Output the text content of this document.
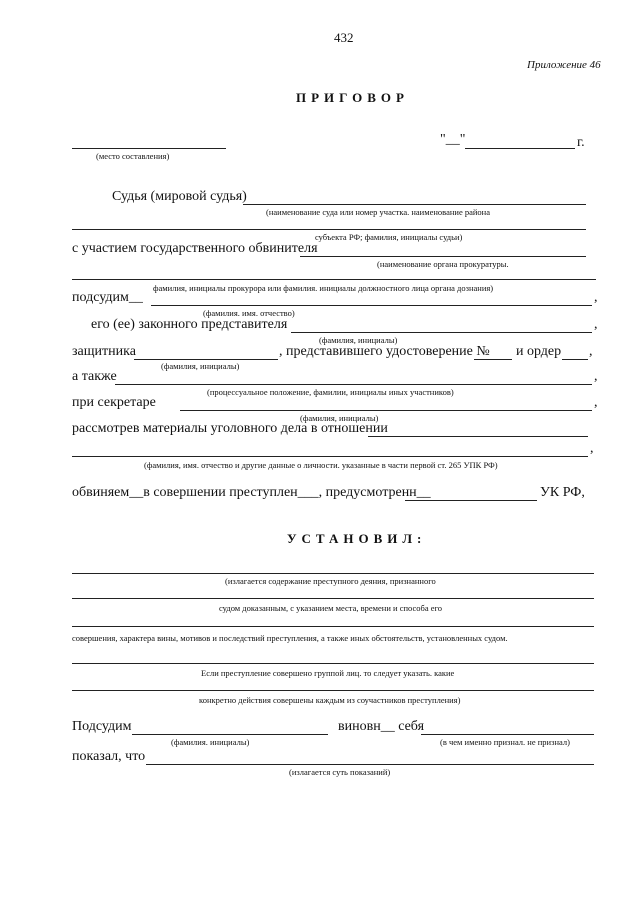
432
Приложение 46
ПРИГОВОР
(место составления)
"__"	г.
Судья (мировой судья)
(наименование суда или номер участка. наименование района
субъекта РФ; фамилия, инициалы судьи)
с участием государственного обвинителя
(наименование органа прокуратуры.
фамилия, инициалы прокурора или фамилия. инициалы должностного лица органа дознания)
подсудим__	,
(фамилия. имя. отчество)
его (ее) законного представителя	,
(фамилия, инициалы)
защитника	, представившего удостоверение № и ордер ,
(фамилия, инициалы)
а также	,
(процессуальное положение, фамилии, инициалы иных участников)
при секретаре	,
(фамилия, инициалы)
рассмотрев материалы уголовного дела в отношении
,
(фамилия, имя. отчество и другие данные о личности. указанные в части первой ст. 265 УПК РФ)
обвиняем__в совершении преступлен___, предусмотренн__	УК РФ,
УСТАНОВИЛ:
(излагается содержание преступного деяния, признанного
судом доказанным, с указанием места, времени и способа его
совершения, характера вины, мотивов и последствий преступления, а также иных обстоятельств, установленных судом.
Если преступление совершено группой лиц. то следует указать. какие
конкретно действия совершены каждым из соучастников преступления)
Подсудим	виновн__ себя
(фамилия. инициалы)	(в чем именно признал. не признал)
показал, что
(излагается суть показаний)
